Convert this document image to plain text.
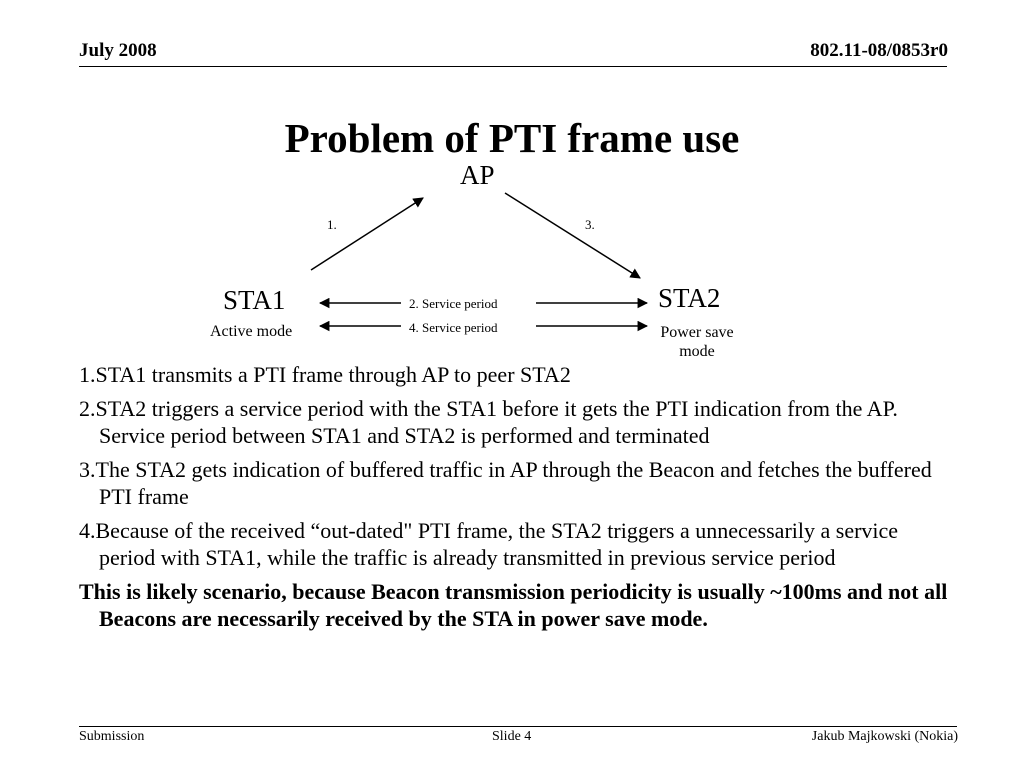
July 2008	802.11-08/0853r0
Problem of PTI frame use
AP
1.	3.
STA1
Active mode
STA2
Power save
mode
2. Service period
4. Service period
1.STA1 transmits a PTI frame through AP to peer STA2
2.STA2 triggers a service period with the STA1 before it gets the PTI indication from the AP. Service period between STA1 and STA2 is performed and terminated
3.The STA2 gets indication of buffered traffic in AP through the Beacon and fetches the buffered PTI frame
4.Because of the received “out-dated" PTI frame, the STA2 triggers a unnecessarily a service period with STA1, while the traffic is already transmitted in previous service period
This is likely scenario, because Beacon transmission periodicity is usually ~100ms and not all Beacons are necessarily received by the STA in power save mode.
Submission	Slide 4	Jakub Majkowski (Nokia)
